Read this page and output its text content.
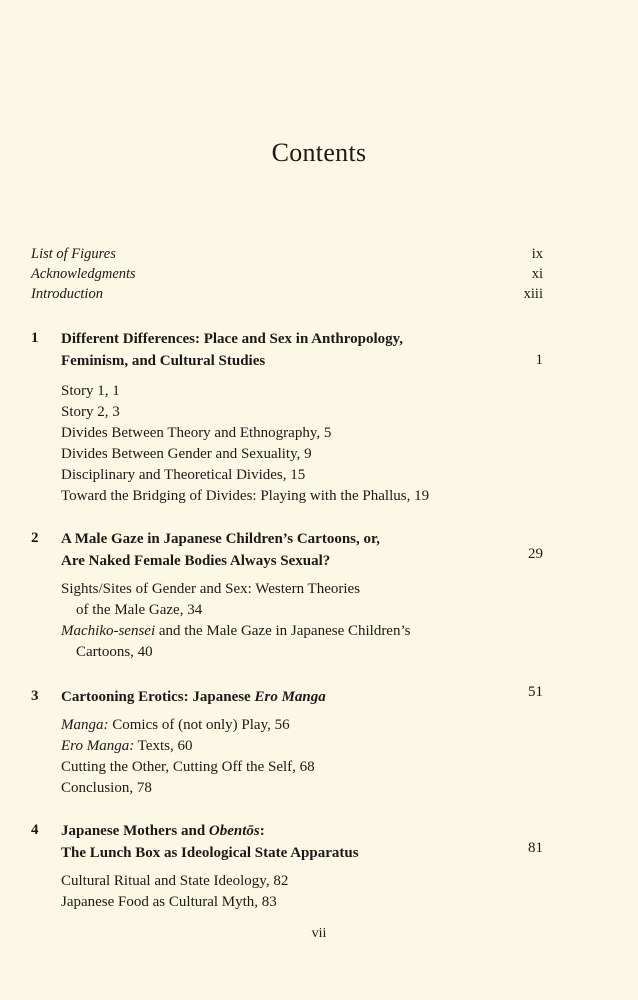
Contents
List of Figures	ix
Acknowledgments	xi
Introduction	xiii
1 Different Differences: Place and Sex in Anthropology,
Feminism, and Cultural Studies	1
Story 1, 1
Story 2, 3
Divides Between Theory and Ethnography, 5
Divides Between Gender and Sexuality, 9
Disciplinary and Theoretical Divides, 15
Toward the Bridging of Divides: Playing with the Phallus, 19
2 A Male Gaze in Japanese Children’s Cartoons, or,
Are Naked Female Bodies Always Sexual?	29
Sights/Sites of Gender and Sex: Western Theories
of the Male Gaze, 34
Machiko-sensei and the Male Gaze in Japanese Children’s
Cartoons, 40
3 Cartooning Erotics: Japanese Ero Manga	51
Manga: Comics of (not only) Play, 56
Ero Manga: Texts, 60
Cutting the Other, Cutting Off the Self, 68
Conclusion, 78
4 Japanese Mothers and Obentōs:
The Lunch Box as Ideological State Apparatus	81
Cultural Ritual and State Ideology, 82
Japanese Food as Cultural Myth, 83
vii
